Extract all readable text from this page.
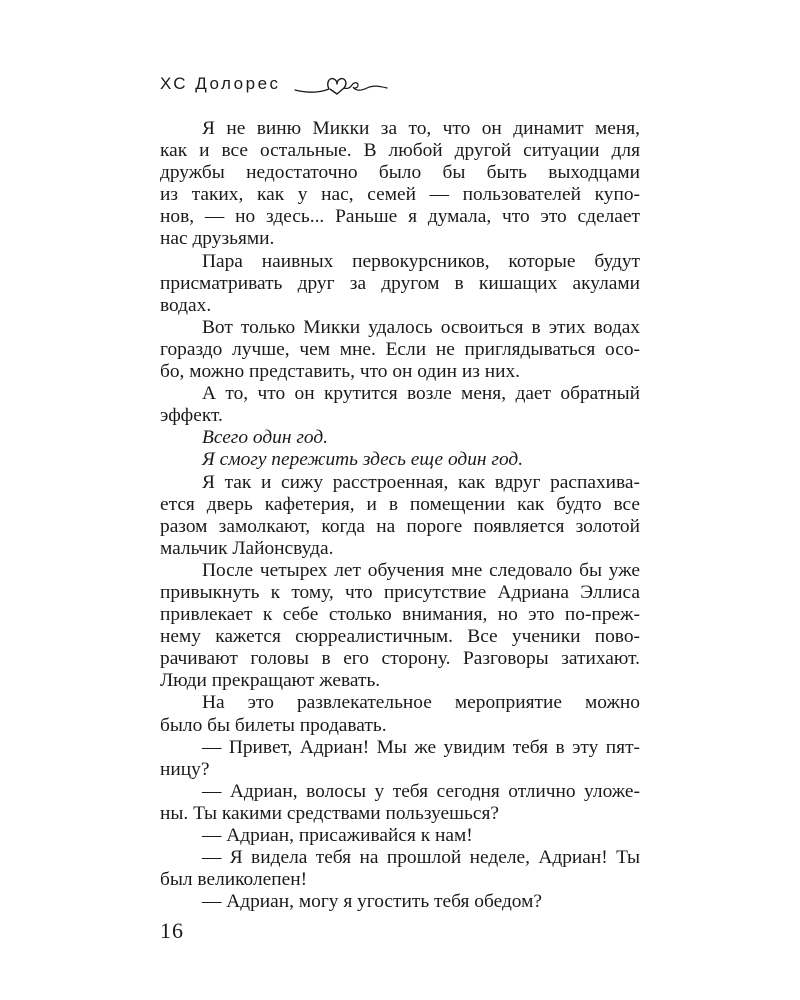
ХС Долорес
Я не виню Микки за то, что он динамит меня,
как и все остальные. В любой другой ситуации для
дружбы недостаточно было бы быть выходцами
из таких, как у нас, семей — пользователей купо-
нов, — но здесь... Раньше я думала, что это сделает
нас друзьями.
Пара наивных первокурсников, которые будут
присматривать друг за другом в кишащих акулами
водах.
Вот только Микки удалось освоиться в этих водах
гораздо лучше, чем мне. Если не приглядываться осо-
бо, можно представить, что он один из них.
А то, что он крутится возле меня, дает обратный
эффект.
Всего один год.
Я смогу пережить здесь еще один год.
Я так и сижу расстроенная, как вдруг распахива-
ется дверь кафетерия, и в помещении как будто все
разом замолкают, когда на пороге появляется золотой
мальчик Лайонсвуда.
После четырех лет обучения мне следовало бы уже
привыкнуть к тому, что присутствие Адриана Эллиса
привлекает к себе столько внимания, но это по-преж-
нему кажется сюрреалистичным. Все ученики пово-
рачивают головы в его сторону. Разговоры затихают.
Люди прекращают жевать.
На это развлекательное мероприятие можно
было бы билеты продавать.
— Привет, Адриан! Мы же увидим тебя в эту пят-
ницу?
— Адриан, волосы у тебя сегодня отлично уложе-
ны. Ты какими средствами пользуешься?
— Адриан, присаживайся к нам!
— Я видела тебя на прошлой неделе, Адриан! Ты
был великолепен!
— Адриан, могу я угостить тебя обедом?
16
